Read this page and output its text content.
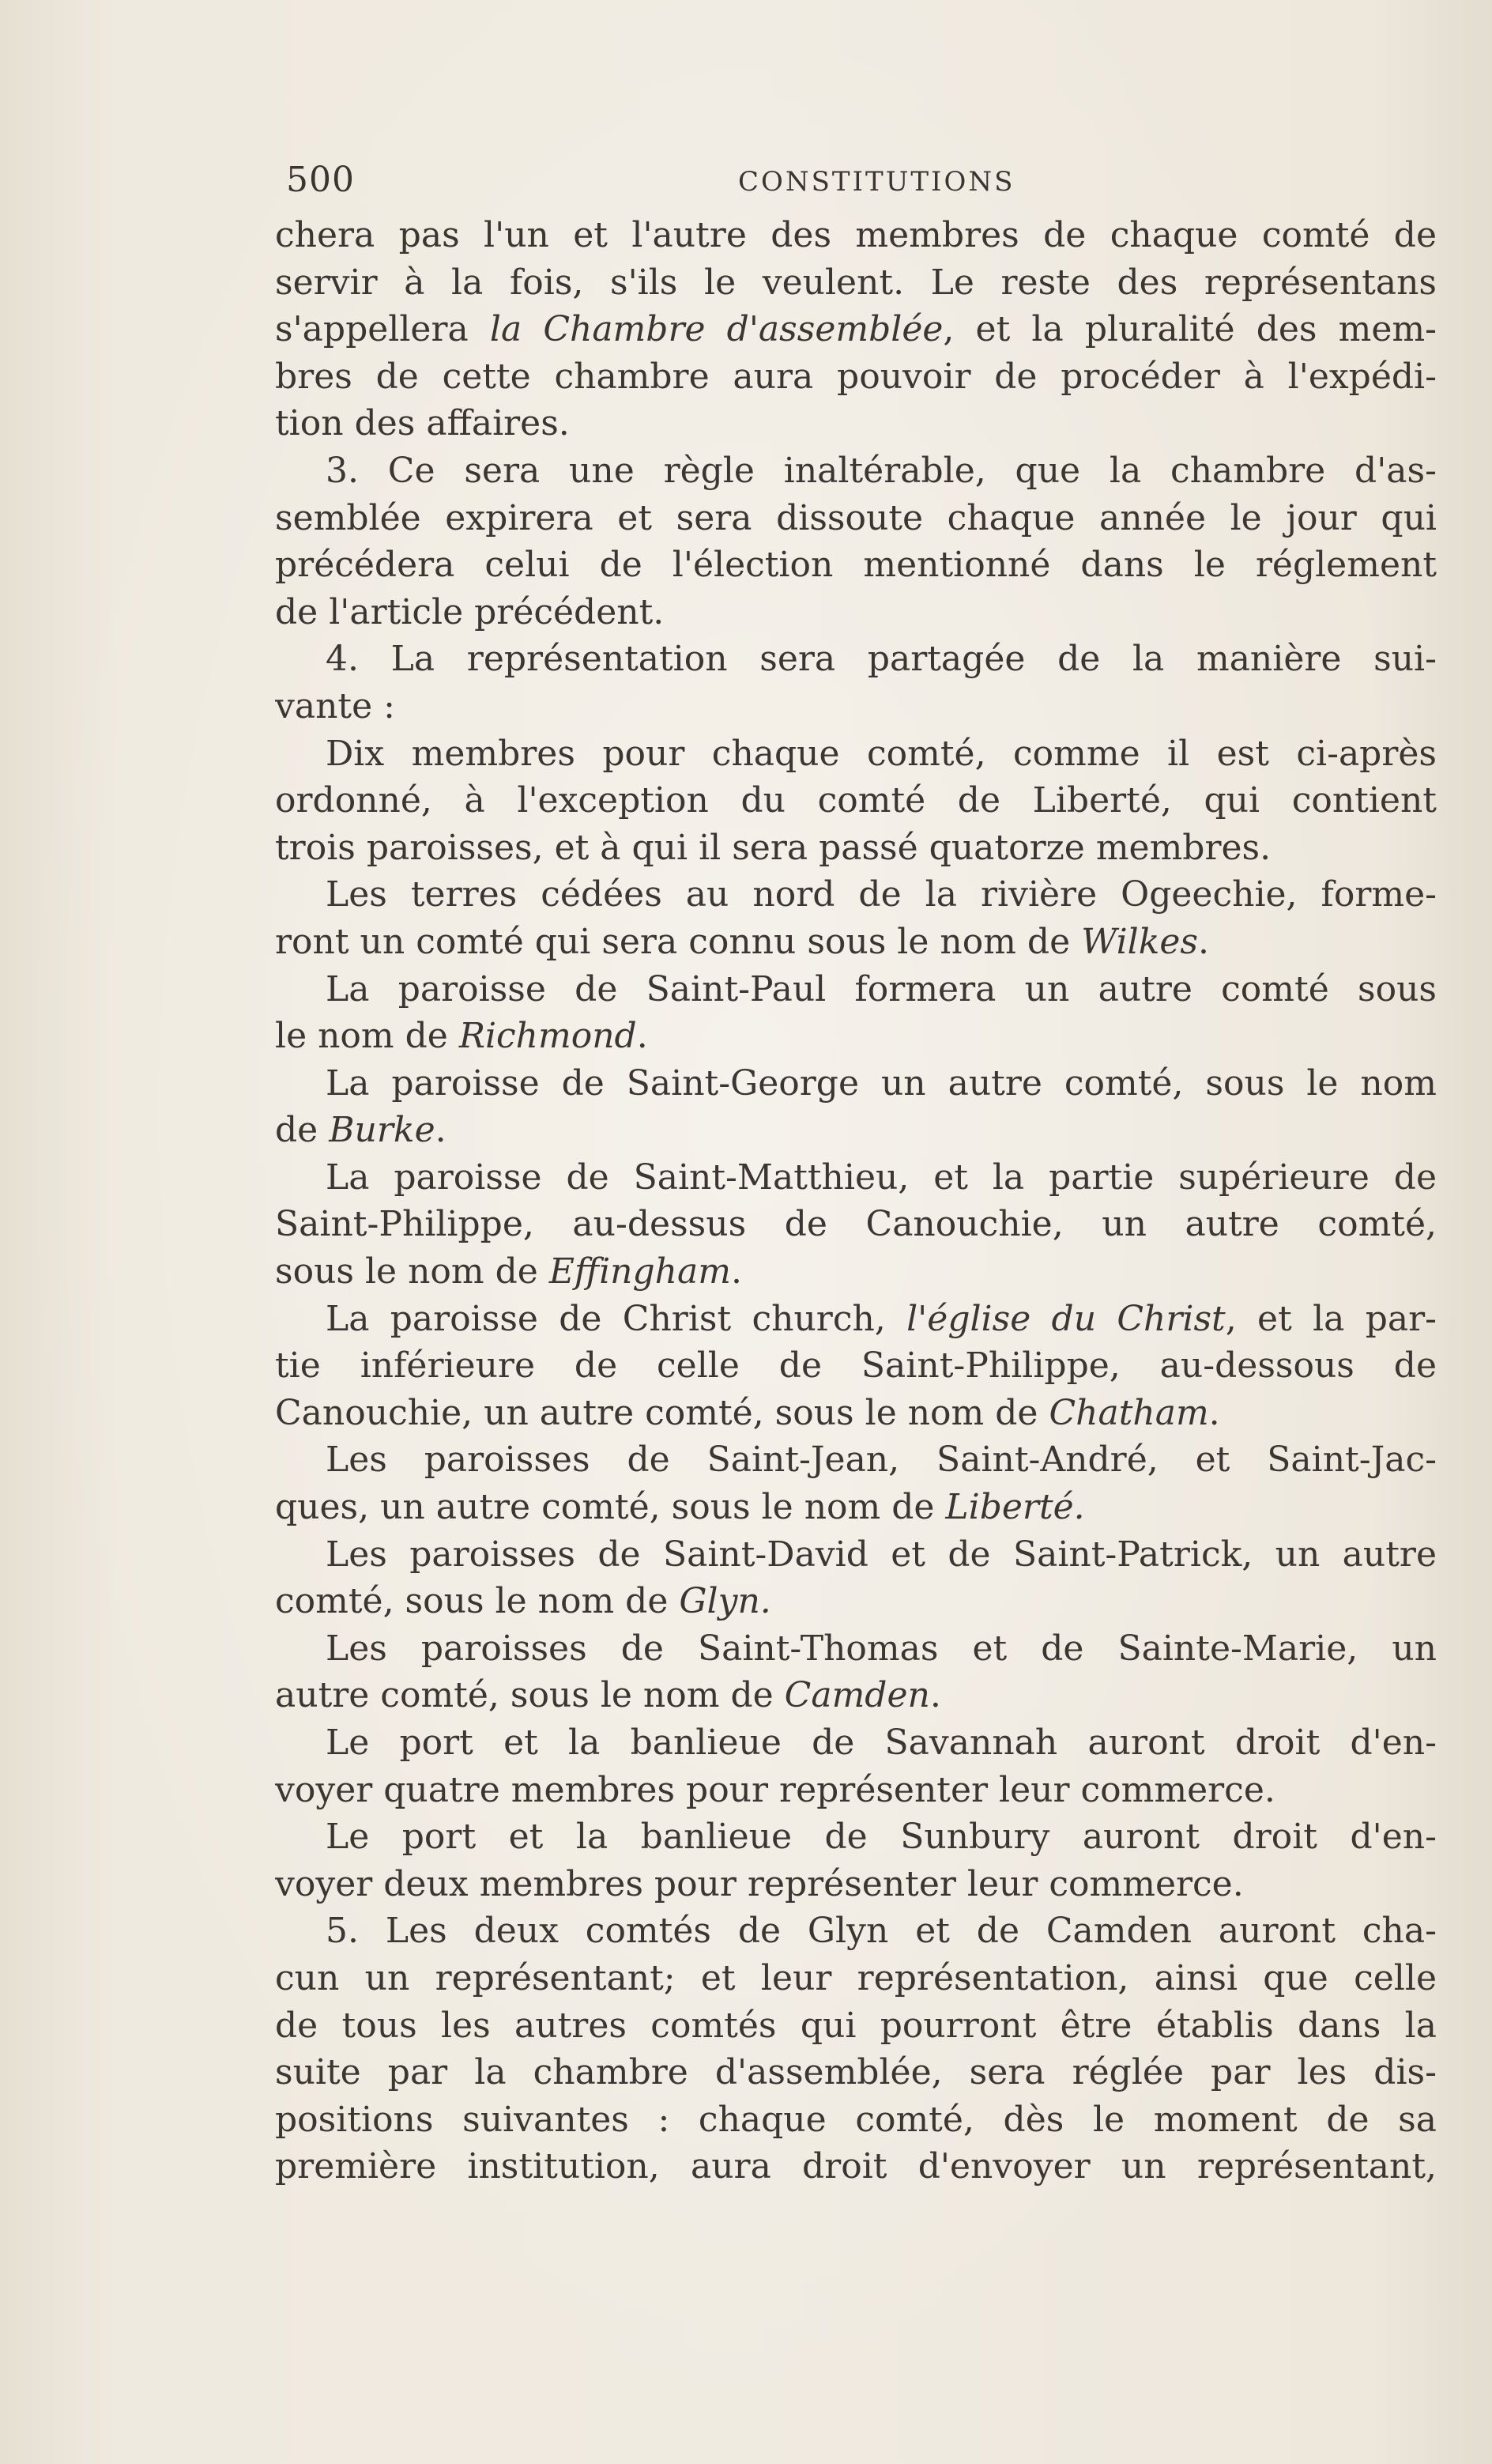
500	CONSTITUTIONS
chera pas l'un et l'autre des membres de chaque comté de
servir à la fois, s'ils le veulent. Le reste des représentans
s'appellera la Chambre d'assemblée, et la pluralité des mem-
bres de cette chambre aura pouvoir de procéder à l'expédi-
tion des affaires.
3. Ce sera une règle inaltérable, que la chambre d'as-
semblée expirera et sera dissoute chaque année le jour qui
précédera celui de l'élection mentionné dans le réglement
de l'article précédent.
4. La représentation sera partagée de la manière sui-
vante :
Dix membres pour chaque comté, comme il est ci-après
ordonné, à l'exception du comté de Liberté, qui contient
trois paroisses, et à qui il sera passé quatorze membres.
Les terres cédées au nord de la rivière Ogeechie, forme-
ront un comté qui sera connu sous le nom de Wilkes.
La paroisse de Saint-Paul formera un autre comté sous
le nom de Richmond.
La paroisse de Saint-George un autre comté, sous le nom
de Burke.
La paroisse de Saint-Matthieu, et la partie supérieure de
Saint-Philippe, au-dessus de Canouchie, un autre comté,
sous le nom de Effingham.
La paroisse de Christ church, l'église du Christ, et la par-
tie inférieure de celle de Saint-Philippe, au-dessous de
Canouchie, un autre comté, sous le nom de Chatham.
Les paroisses de Saint-Jean, Saint-André, et Saint-Jac-
ques, un autre comté, sous le nom de Liberté.
Les paroisses de Saint-David et de Saint-Patrick, un autre
comté, sous le nom de Glyn.
Les paroisses de Saint-Thomas et de Sainte-Marie, un
autre comté, sous le nom de Camden.
Le port et la banlieue de Savannah auront droit d'en-
voyer quatre membres pour représenter leur commerce.
Le port et la banlieue de Sunbury auront droit d'en-
voyer deux membres pour représenter leur commerce.
5. Les deux comtés de Glyn et de Camden auront cha-
cun un représentant; et leur représentation, ainsi que celle
de tous les autres comtés qui pourront être établis dans la
suite par la chambre d'assemblée, sera réglée par les dis-
positions suivantes : chaque comté, dès le moment de sa
première institution, aura droit d'envoyer un représentant,
